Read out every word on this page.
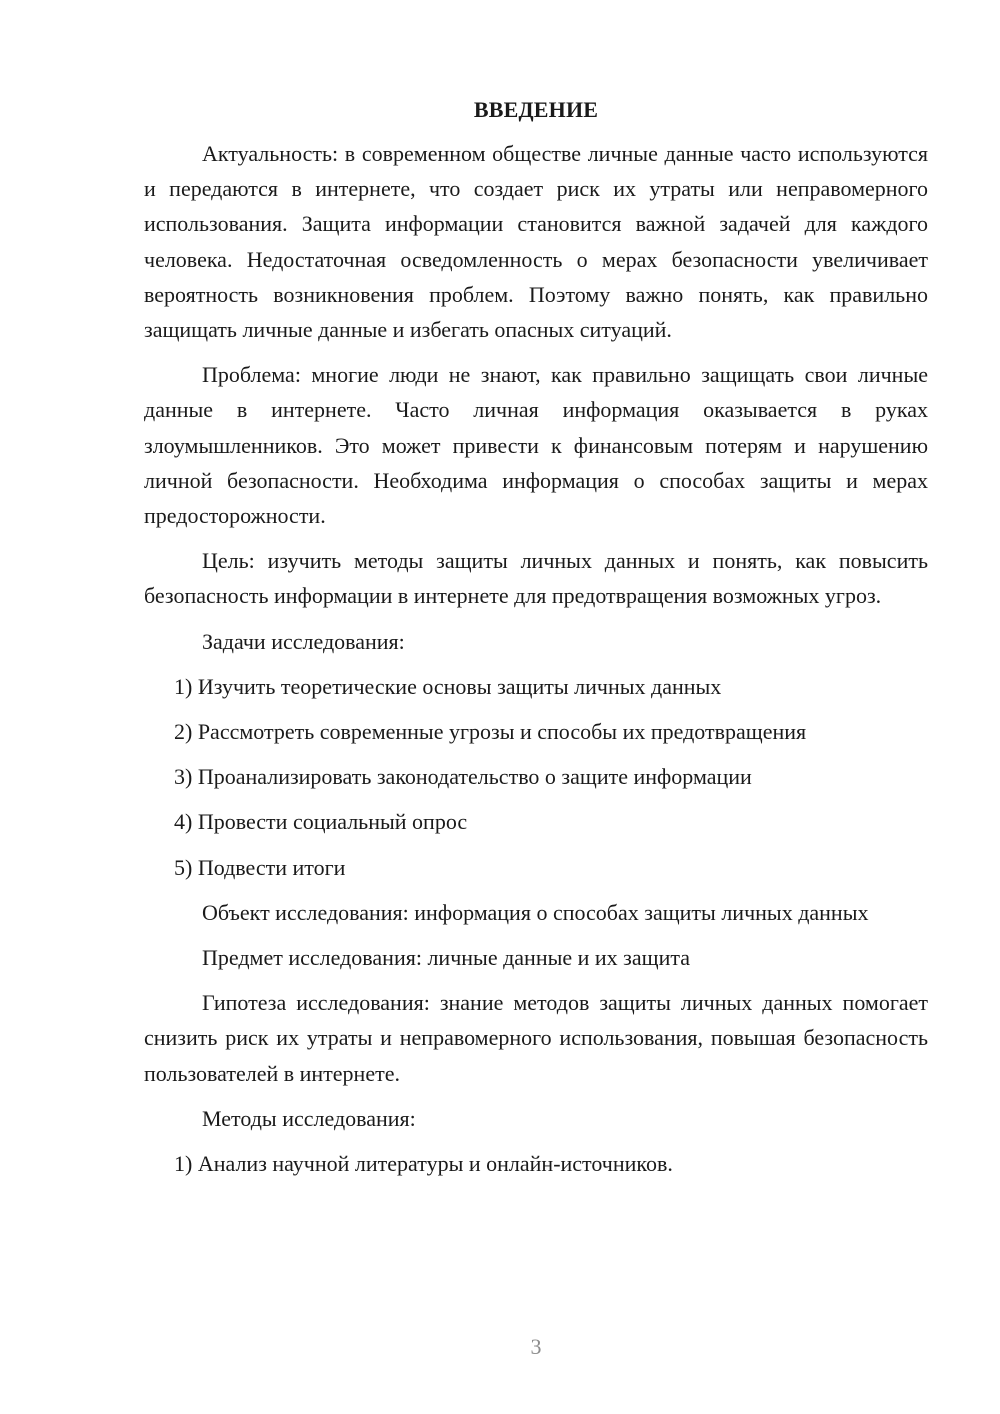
ВВЕДЕНИЕ

Актуальность: в современном обществе личные данные часто используются и передаются в интернете, что создает риск их утраты или неправомерного использования. Защита информации становится важной задачей для каждого человека. Недостаточная осведомленность о мерах безопасности увеличивает вероятность возникновения проблем. Поэтому важно понять, как правильно защищать личные данные и избегать опасных ситуаций.

Проблема: многие люди не знают, как правильно защищать свои личные данные в интернете. Часто личная информация оказывается в руках злоумышленников. Это может привести к финансовым потерям и нарушению личной безопасности. Необходима информация о способах защиты и мерах предосторожности.

Цель: изучить методы защиты личных данных и понять, как повысить безопасность информации в интернете для предотвращения возможных угроз.

Задачи исследования:

1) Изучить теоретические основы защиты личных данных

2) Рассмотреть современные угрозы и способы их предотвращения

3) Проанализировать законодательство о защите информации

4) Провести социальный опрос

5) Подвести итоги

Объект исследования: информация о способах защиты личных данных

Предмет исследования: личные данные и их защита

Гипотеза исследования: знание методов защиты личных данных помогает снизить риск их утраты и неправомерного использования, повышая безопасность пользователей в интернете.

Методы исследования:

1) Анализ научной литературы и онлайн-источников.

3
